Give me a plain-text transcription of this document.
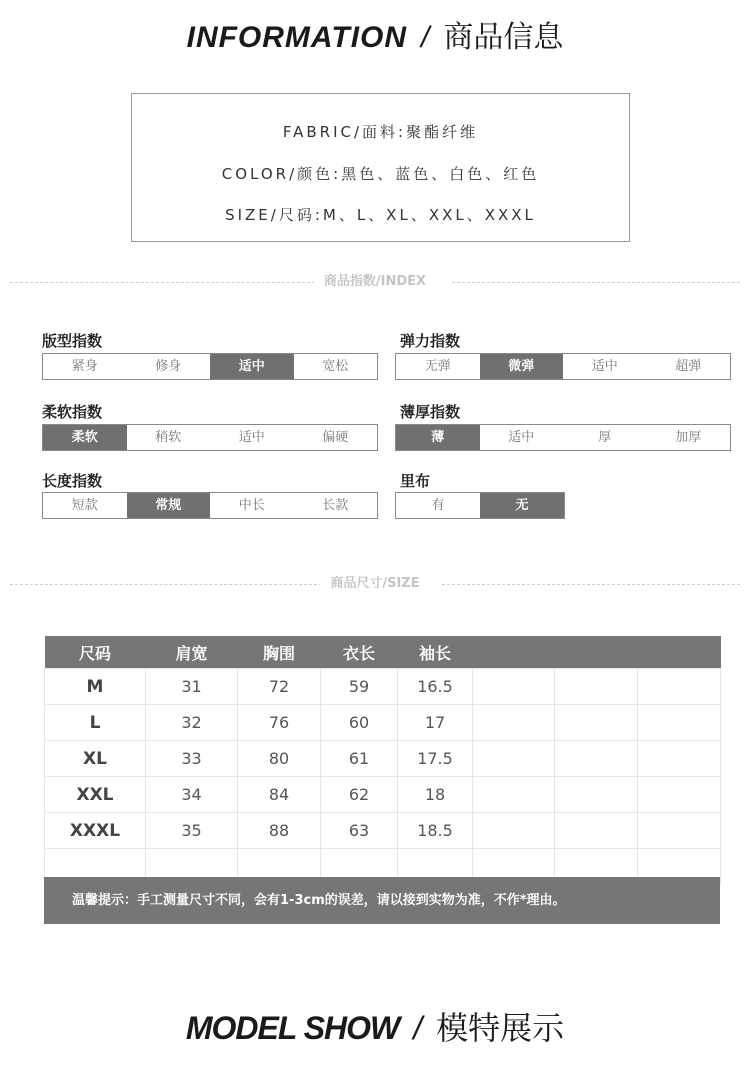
INFORMATION / 商品信息
FABRIC/面料:聚酯纤维
COLOR/颜色:黑色、蓝色、白色、红色
SIZE/尺码:M、L、XL、XXL、XXXL
商品指数/INDEX
版型指数
紧身	修身	适中	宽松
弹力指数
无弹	微弹	适中	超弹
柔软指数
柔软	稍软	适中	偏硬
薄厚指数
薄	适中	厚	加厚
长度指数
短款	常规	中长	长款
里布
有	无
商品尺寸/SIZE
尺码	肩宽	胸围	衣长	袖长			
M	31	72	59	16.5			
L	32	76	60	17			
XL	33	80	61	17.5			
XXL	34	84	62	18			
XXXL	35	88	63	18.5			

温馨提示：手工测量尺寸不同，会有1-3cm的误差，请以接到实物为准，不作*理由。
MODEL SHOW / 模特展示
